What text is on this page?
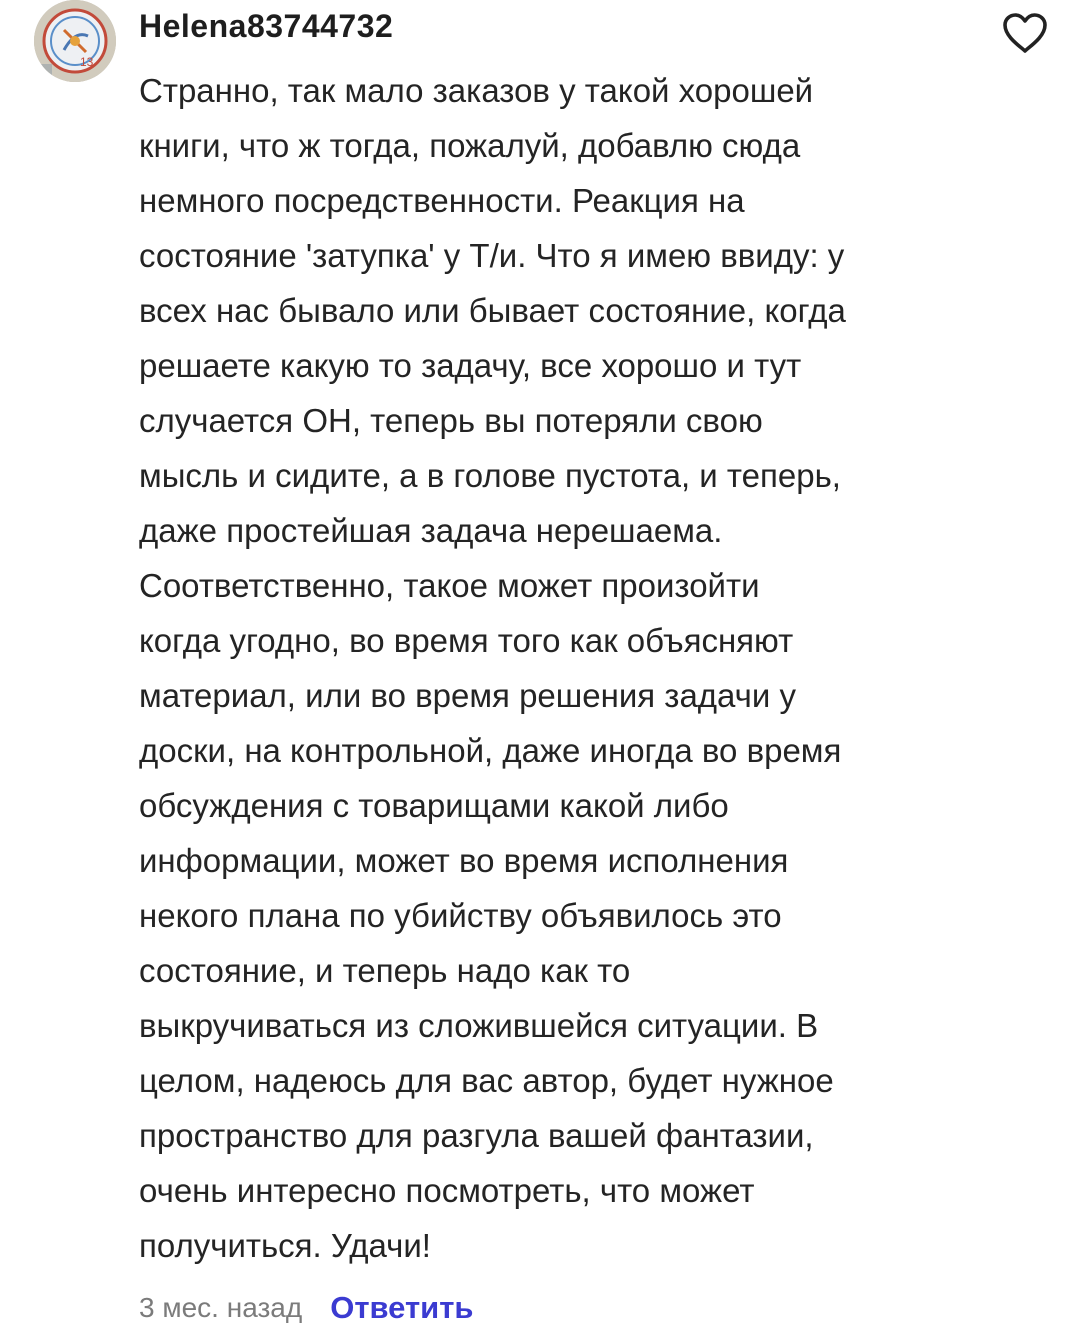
13
Helena83744732
Странно, так мало заказов у такой хорошей
книги, что ж тогда, пожалуй, добавлю сюда
немного посредственности. Реакция на
состояние 'затупка' у Т/и. Что я имею ввиду: у
всех нас бывало или бывает состояние, когда
решаете какую то задачу, все хорошо и тут
случается ОН, теперь вы потеряли свою
мысль и сидите, а в голове пустота, и теперь,
даже простейшая задача нерешаема.
Соответственно, такое может произойти
когда угодно, во время того как объясняют
материал, или во время решения задачи у
доски, на контрольной, даже иногда во время
обсуждения с товарищами какой либо
информации, может во время исполнения
некого плана по убийству объявилось это
состояние, и теперь надо как то
выкручиваться из сложившейся ситуации. В
целом, надеюсь для вас автор, будет нужное
пространство для разгула вашей фантазии,
очень интересно посмотреть, что может
получиться. Удачи!
3 мес. назад Ответить
